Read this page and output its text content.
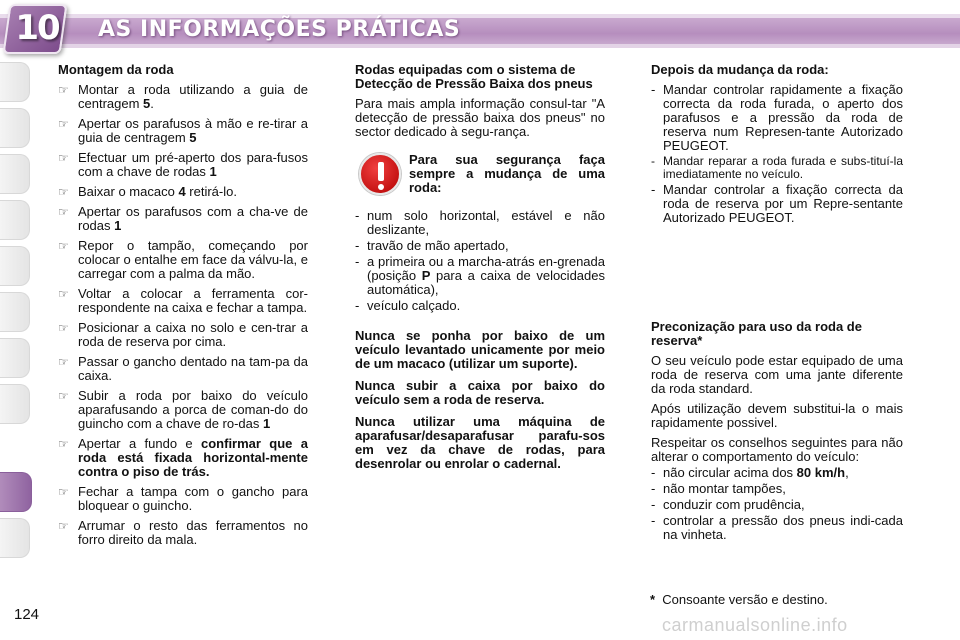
10 AS INFORMAÇÕES PRÁTICAS
Montagem da roda
☞ Montar a roda utilizando a guia de centragem 5.
☞ Apertar os parafusos à mão e re-tirar a guia de centragem 5
☞ Efectuar um pré-aperto dos para-fusos com a chave de rodas 1
☞ Baixar o macaco 4 retirá-lo.
☞ Apertar os parafusos com a cha-ve de rodas 1
☞ Repor o tampão, começando por colocar o entalhe em face da válvu-la, e carregar com a palma da mão.
☞ Voltar a colocar a ferramenta cor-respondente na caixa e fechar a tampa.
☞ Posicionar a caixa no solo e cen-trar a roda de reserva por cima.
☞ Passar o gancho dentado na tam-pa da caixa.
☞ Subir a roda por baixo do veículo aparafusando a porca de coman-do do guincho com a chave de ro-das 1
☞ Apertar a fundo e confirmar que a roda está fixada horizontal-mente contra o piso de trás.
☞ Fechar a tampa com o gancho para bloquear o guincho.
☞ Arrumar o resto das ferramentos no forro direito da mala.
Rodas equipadas com o sistema de Detecção de Pressão Baixa dos pneus

Para mais ampla informação consul-tar "A detecção de pressão baixa dos pneus" no sector dedicado à segu-rança.

Para sua segurança faça sempre a mudança de uma roda:
- num solo horizontal, estável e não deslizante,
- travão de mão apertado,
- a primeira ou a marcha-atrás en-grenada (posição P para a caixa de velocidades automática),
- veículo calçado.

Nunca se ponha por baixo de um veículo levantado unicamente por meio de um macaco (utilizar um suporte).

Nunca subir a caixa por baixo do veículo sem a roda de reserva.

Nunca utilizar uma máquina de aparafusar/desaparafusar parafu-sos em vez da chave de rodas, para desenrolar ou enrolar o cadernal.

Depois da mudança da roda:
- Mandar controlar rapidamente a fixação correcta da roda furada, o aperto dos parafusos e a pressão da roda de reserva num Represen-tante Autorizado PEUGEOT.
- Mandar reparar a roda furada e subs-tituí-la imediatamente no veículo.
- Mandar controlar a fixação correcta da roda de reserva por um Repre-sentante Autorizado PEUGEOT.
Preconização para uso da roda de reserva*

O seu veículo pode estar equipado de uma roda de reserva com uma jante diferente da roda standard.

Após utilização devem substitui-la o mais rapidamente possivel.

Respeitar os conselhos seguintes para não alterar o comportamento do veículo:

- não circular acima dos 80 km/h,
- não montar tampões,
- conduzir com prudência,
- controlar a pressão dos pneus indi-cada na vinheta.
* Consoante versão e destino.
124
carmanualsonline.info
